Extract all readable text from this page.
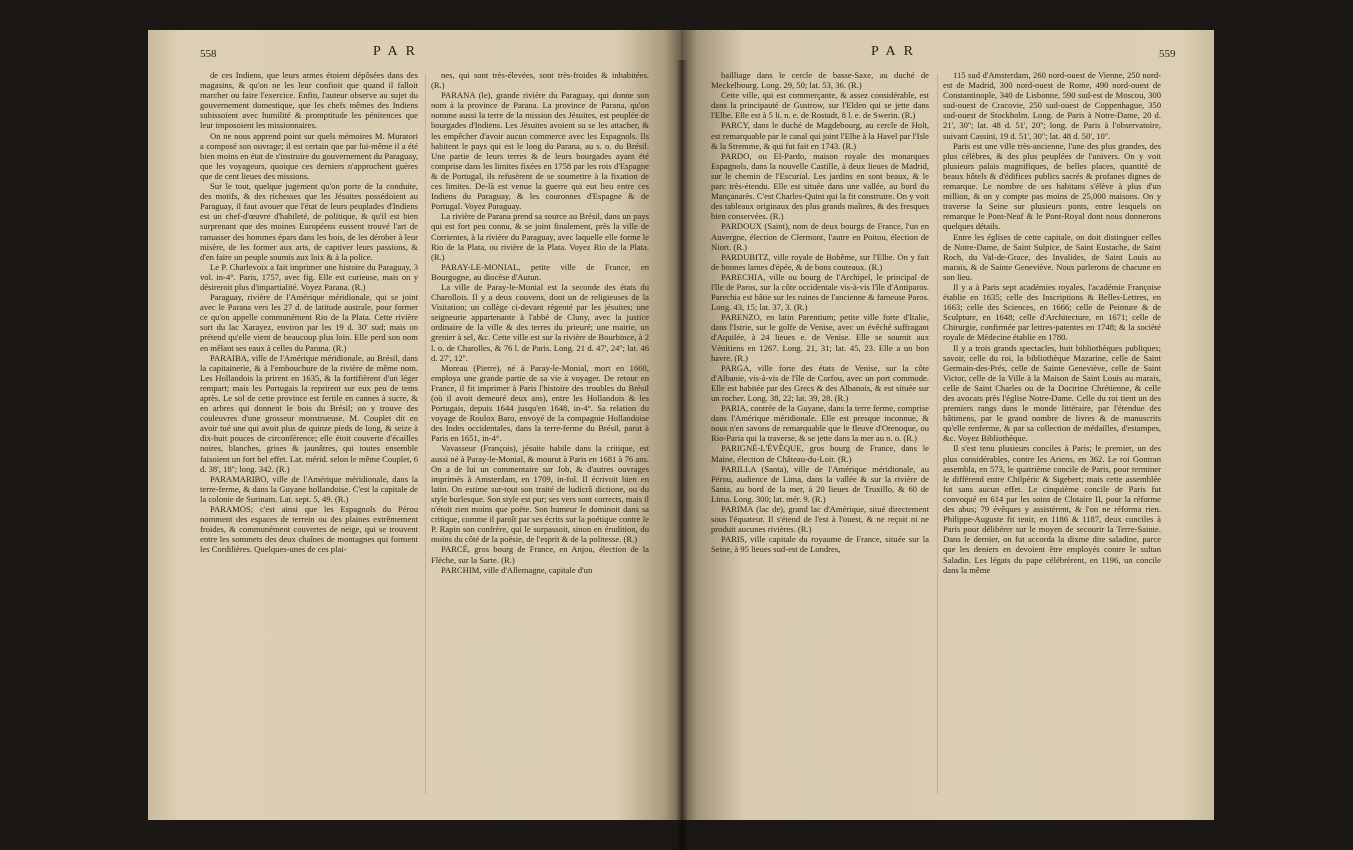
558	PAR

de ces Indiens, que leurs armes étoient dépôsées dans des magasins, & qu'on ne les leur confioit que quand il falloit marcher ou faire l'exercice. Enfin, l'auteur observe au sujet du gouvernement domestique, que les chefs mêmes des Indiens subissoient avec humilité & promptitude les pénitences que leur imposoient les missionnaires.

On ne nous apprend point sur quels mémoires M. Muratori a composé son ouvrage; il est certain que par lui-même il a été bien moins en état de s'instruire du gouvernement du Paraguay, que les voyageurs, quoique ces derniers n'approchent guères que de cent lieues des missions.

Sur le tout, quelque jugement qu'on porte de la conduite, des motifs, & des richesses que les Jésuites possédoient au Paraguay, il faut avouer que l'état de leurs peuplades d'Indiens est un chef-d'œuvre d'habileté, de politique, & qu'il est bien surprenant que des moines Européens eussent trouvé l'art de ramasser des hommes épars dans les bois, de les dérober à leur misère, de les former aux arts, de captiver leurs passions, & d'en faire un peuple soumis aux loix & à la police.

Le P. Charlevoix a fait imprimer une histoire du Paraguay, 3 vol. in-4°. Paris, 1757, avec fig. Elle est curieuse, mais on y désireroit plus d'impartialité. Voyez Parana. (R.)

Paraguay, rivière de l'Amérique méridionale, qui se joint avec le Parana vers les 27 d. de latitude australe, pour former ce qu'on appelle communément Rio de la Plata. Cette rivière sort du lac Xarayez, environ par les 19 d. 30' sud; mais on prétend qu'elle vient de beaucoup plus loin. Elle perd son nom en mêlant ses eaux à celles du Parana. (R.)

PARAIBA, ville de l'Amérique méridionale, au Brésil, dans la capitainerie, & à l'embouchure de la rivière de même nom. Les Hollandois la prirent en 1635, & la fortifièrent d'un léger rempart; mais les Portugais la reprirent sur eux peu de tems après. Le sol de cette province est fertile en cannes à sucre, & en arbres qui donnent le bois du Brésil; on y trouve des couleuvres d'une grosseur monstrueuse. M. Couplet dit en avoir tué une qui avoit plus de quinze pieds de long, & seize à dix-huit pouces de circonférence; elle étoit couverte d'écailles noires, blanches, grises & jaunâtres, qui toutes ensemble faisoient un fort bel effet. Lat. mérid. selon le même Couplet, 6 d. 38', 18''; long. 342. (R.)

PARAMARIBO, ville de l'Amérique méridionale, dans la terre-ferme, & dans la Guyane hollandoise. C'est la capitale de la colonie de Surinam. Lat. sept. 5, 49. (R.)

PARAMOS; c'est ainsi que les Espagnols du Pérou nomment des espaces de terrein ou des plaines extrêmement froides, & communément couvertes de neige, qui se trouvent entre les sommets des deux chaînes de montagnes qui forment les Cordilières. Quelques-unes de ces plai-

nes, qui sont très-élevées, sont très-froides & inhabitées. (R.)

PARANA (le), grande rivière du Paraguay, qui donne son nom à la province de Parana. La province de Parana, qu'on nomme aussi la terre de la mission des Jésuites, est peuplée de bourgades d'Indiens. Les Jésuites avoient su se les attacher, & les empêcher d'avoir aucun commerce avec les Espagnols. Ils habitent le pays qui est le long du Parana, au s. o. du Brésil. Une partie de leurs terres & de leurs bourgades ayant été comprise dans les limites fixées en 1758 par les rois d'Espagne & de Portugal, ils refusèrent de se soumettre à la fixation de ces limites. De-là est venue la guerre qui eut lieu entre ces Indiens du Paraguay, & les couronnes d'Espagne & de Portugal. Voyez Paraguay.

La rivière de Parana prend sa source au Brésil, dans un pays qui est fort peu connu, & se joint finalement, près la ville de Corrientes, à la rivière du Paraguay, avec laquelle elle forme le Rio de la Plata, ou rivière de la Plata. Voyez Rio de la Plata. (R.)

PARAY-LE-MONIAL, petite ville de France, en Bourgogne, au diocèse d'Autun.

La ville de Paray-le-Monial est la seconde des états du Charollois. Il y a deux couvens, dont un de religieuses de la Visitation; un collège ci-devant régenté par les jésuites; une seigneurie appartenante à l'abbé de Cluny, avec la justice ordinaire de la ville & des terres du prieuré; une mairie, un grenier à sel, &c. Cette ville est sur la rivière de Bourbince, à 2 l. o. de Charolles, & 76 l. de Paris. Long. 21 d. 47', 24''; lat. 46 d. 27', 12''.

Moreau (Pierre), né à Paray-le-Monial, mort en 1660, employa une grande partie de sa vie à voyager. De retour en France, il fit imprimer à Paris l'histoire des troubles du Brésil (où il avoit demeuré deux ans), entre les Hollandois & les Portugais, depuis 1644 jusqu'en 1648, in-4°. Sa relation du voyage de Roulox Baro, envoyé de la compagnie Hollandoise des Indes occidentales, dans la terre-ferme du Brésil, parut à Paris en 1651, in-4°.

Vavasseur (François), jésuite habile dans la critique, est aussi né à Paray-le-Monial, & mourut à Paris en 1681 à 76 ans. On a de lui un commentaire sur Job, & d'autres ouvrages imprimés à Amsterdam, en 1709, in-fol. Il écrivoit bien en latin. On estime sur-tout son traité de ludicrâ dictione, ou du style burlesque. Son style est pur; ses vers sont corrects, mais il n'étoit rien moins que poëte. Son humeur le dominoit dans sa critique, comme il paroît par ses écrits sur la poétique contre le P. Rapin son confrère, qui le surpassoit, sinon en érudition, du moins du côté de la poësie, de l'esprit & de la politesse. (R.)

PARCÉ, gros bourg de France, en Anjou, élection de la Flèche, sur la Sarte. (R.)

PARCHIM, ville d'Allemagne, capitale d'un

PAR	559

bailliage dans le cercle de basse-Saxe, au duché de Meckelbourg. Long. 29, 50; lat. 53, 36. (R.)

Cette ville, qui est commerçante, & assez considérable, est dans la principauté de Gustrow, sur l'Elden qui se jette dans l'Elbe. Elle est à 5 li. n. e. de Rostadt, 8 l. e. de Swerin. (R.)

PARCY, dans le duché de Magdebourg, au cercle de Holt, est remarquable par le canal qui joint l'Elbe à la Havel par l'Isle & la Stremme, & qui fut fait en 1743. (R.)

PARDO, ou El-Pardo, maison royale des monarques Espagnols, dans la nouvelle Castille, à deux lieues de Madrid, sur le chemin de l'Escurial. Les jardins en sont beaux, & le parc très-étendu. Elle est située dans une vallée, au bord du Mançanarès. C'est Charles-Quint qui la fit construire. On y voit des tableaux originaux des plus grands maîtres, & des fresques bien conservées. (R.)

PARDOUX (Saint), nom de deux bourgs de France, l'un en Auvergne, élection de Clermont, l'autre en Poitou, élection de Niort. (R.)

PARDUBITZ, ville royale de Bohême, sur l'Elbe. On y fait de bonnes lames d'épée, & de bons couteaux. (R.)

PARECHIA, ville ou bourg de l'Archipel, le principal de l'île de Paros, sur la côte occidentale vis-à-vis l'île d'Antiparos. Parechia est bâtie sur les ruines de l'ancienne & fameuse Paros. Long. 43, 15; lat. 37, 3. (R.)

PARENZO, en latin Parentium; petite ville forte d'Italie, dans l'Istrie, sur le golfe de Venise, avec un évêché suffragant d'Aquilée, à 24 lieues e. de Venise. Elle se soumit aux Vénitiens en 1267. Long. 21, 31; lat. 45, 23. Elle a un bon havre. (R.)

PARGA, ville forte des états de Venise, sur la côte d'Albanie, vis-à-vis de l'île de Corfou, avec un port commode. Elle est habitée par des Grecs & des Albanois, & est située sur un rocher. Long. 38, 22; lat. 39, 28. (R.)

PARIA, contrée de la Guyane, dans la terre ferme, comprise dans l'Amérique méridionale. Elle est presque inconnue, & nous n'en savons de remarquable que le fleuve d'Orenoque, ou Rio-Paria qui la traverse, & se jette dans la mer au n. o. (R.)

PARIGNÉ-L'ÉVÊQUE, gros bourg de France, dans le Maine, élection de Château-du-Loir. (R.)

PARILLA (Santa), ville de l'Amérique méridionale, au Pérou, audience de Lima, dans la vallée & sur la rivière de Santa, au bord de la mer, à 20 lieues de Truxillo, & 60 de Lima. Long. 300; lat. mér. 9. (R.)

PARIMA (lac de), grand lac d'Amérique, situé directement sous l'équateur. Il s'étend de l'est à l'ouest, & ne reçoit ni ne produit aucunes rivières. (R.)

PARIS, ville capitale du royaume de France, située sur la Seine, à 95 lieues sud-est de Londres,

115 sud d'Amsterdam, 260 nord-ouest de Vienne, 250 nord-est de Madrid, 300 nord-ouest de Rome, 490 nord-ouest de Constantinople, 340 de Lisbonne, 590 sud-est de Moscou, 300 sud-ouest de Cracovie, 250 sud-ouest de Coppenhague, 350 sud-ouest de Stockholm. Long. de Paris à Notre-Dame, 20 d. 21', 30''; lat. 48 d. 51', 20''; long. de Paris à l'observatoire, suivant Cassini, 19 d. 51', 30''; lat. 48 d. 50', 10''.

Paris est une ville très-ancienne, l'une des plus grandes, des plus célèbres, & des plus peuplées de l'univers. On y voit plusieurs palais magnifiques, de belles places, quantité de beaux hôtels & d'édifices publics sacrés & profanes dignes de remarque. Le nombre de ses habitans s'élève à plus d'un million, & on y compte pas moins de 25,000 maisons. On y traverse la Seine sur plusieurs ponts, entre lesquels on remarque le Pont-Neuf & le Pont-Royal dont nous donnerons quelques détails.

Entre les églises de cette capitale, on doit distinguer celles de Notre-Dame, de Saint Sulpice, de Saint Eustache, de Saint Roch, du Val-de-Grace, des Invalides, de Saint Louis au marais, & de Sainte Geneviève. Nous parlerons de chacune en son lieu.

Il y a à Paris sept académies royales, l'académie Françoise établie en 1635; celle des Inscriptions & Belles-Lettres, en 1663; celle des Sciences, en 1666; celle de Peinture & de Sculpture, en 1648; celle d'Architecture, en 1671; celle de Chirurgie, confirmée par lettres-patentes en 1748; & la société royale de Médecine établie en 1780.

Il y a trois grands spectacles, huit bibliothèques publiques; savoir, celle du roi, la bibliothèque Mazarine, celle de Saint Germain-des-Prés, celle de Sainte Geneviève, celle de Saint Victor, celle de la Ville à la Maison de Saint Louis au marais, celle de Saint Charles ou de la Doctrine Chrétienne, & celle des avocats près l'église Notre-Dame. Celle du roi tient un des premiers rangs dans le monde littéraire, par l'étendue des bâtimens, par le grand nombre de livres & de manuscrits qu'elle renferme, & par sa collection de médailles, d'estampes, &c. Voyez Bibliothèque.

Il s'est tenu plusieurs conciles à Paris; le premier, un des plus considérables, contre les Ariens, en 362. Le roi Gontran assembla, en 573, le quatrième concile de Paris, pour terminer le différend entre Chilpéric & Sigebert; mais cette assemblée fut sans aucun effet. Le cinquième concile de Paris fut convoqué en 614 par les soins de Clotaire II, pour la réforme des abus; 79 évêques y assistèrent, & l'on ne réforma rien. Philippe-Auguste fit tenir, en 1186 & 1187, deux conciles à Paris pour délibérer sur le moyen de secourir la Terre-Sainte. Dans le dernier, on fut accorda la dixme dite saladine, parce que les deniers en devoient être employés contre le sultan Saladin. Les légats du pape célébrèrent, en 1196, un concile dans la même
